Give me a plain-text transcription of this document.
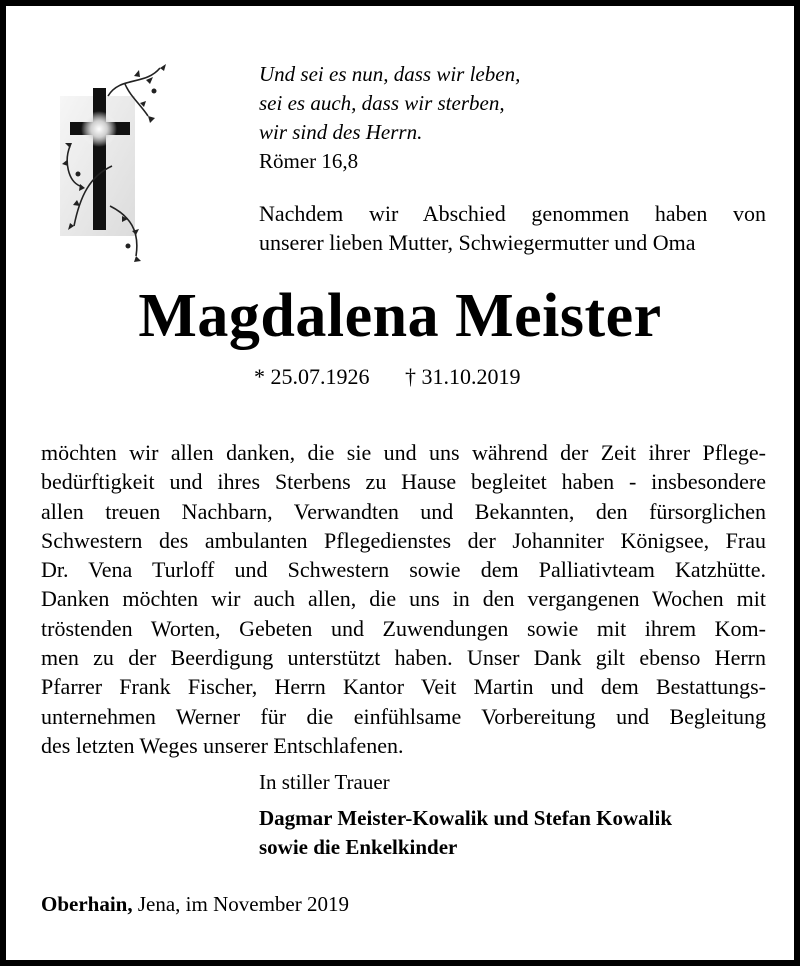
Und sei es nun, dass wir leben,
sei es auch, dass wir sterben,
wir sind des Herrn.
Römer 16,8
Nachdem wir Abschied genommen haben von
unserer lieben Mutter, Schwiegermutter und Oma
Magdalena Meister
* 25.07.1926 † 31.10.2019
möchten wir allen danken, die sie und uns während der Zeit ihrer Pflege-
bedürftigkeit und ihres Sterbens zu Hause begleitet haben - insbesondere
allen treuen Nachbarn, Verwandten und Bekannten, den fürsorglichen
Schwestern des ambulanten Pflegedienstes der Johanniter Königsee, Frau
Dr. Vena Turloff und Schwestern sowie dem Palliativteam Katzhütte.
Danken möchten wir auch allen, die uns in den vergangenen Wochen mit
tröstenden Worten, Gebeten und Zuwendungen sowie mit ihrem Kom-
men zu der Beerdigung unterstützt haben. Unser Dank gilt ebenso Herrn
Pfarrer Frank Fischer, Herrn Kantor Veit Martin und dem Bestattungs-
unternehmen Werner für die einfühlsame Vorbereitung und Begleitung
des letzten Weges unserer Entschlafenen.
In stiller Trauer
Dagmar Meister-Kowalik und Stefan Kowalik
sowie die Enkelkinder
Oberhain, Jena, im November 2019
